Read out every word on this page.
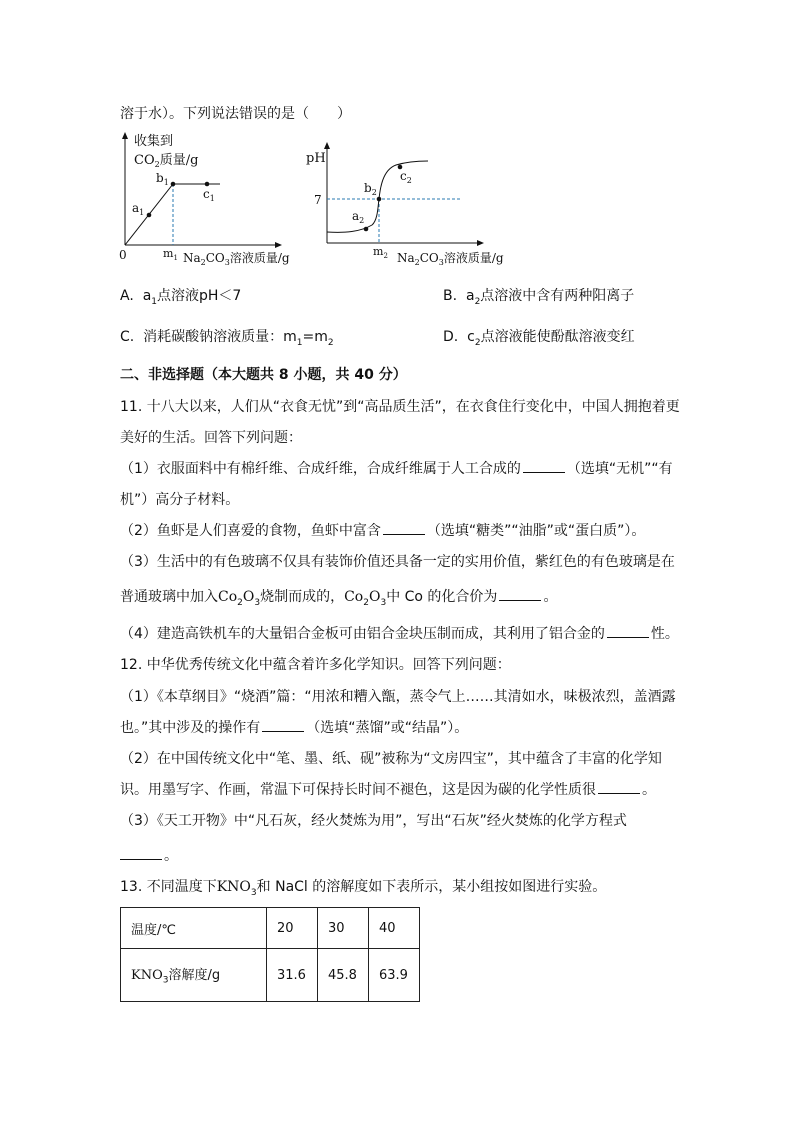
溶于水）。下列说法错误的是（　　）
收集到
$CO_2$质量/g
$a_1$
$b_1$
$c_1$
0	$m_1$ $Na_2CO_3$溶液质量/g
pH
7
$a_2$
$b_2$
$c_2$
$m_2$ $Na_2CO_3$溶液质量/g
A. $a_1$点溶液pH＜7	B. $a_2$点溶液中含有两种阳离子
C. 消耗碳酸钠溶液质量：$m_1=m_2$	D. $c_2$点溶液能使酚酞溶液变红
二、非选择题（本大题共 8 小题，共 40 分）
11. 十八大以来，人们从“衣食无忧”到“高品质生活”，在衣食住行变化中，中国人拥抱着更
美好的生活。回答下列问题：
（1）衣服面料中有棉纤维、合成纤维，合成纤维属于人工合成的	（选填“无机”“有
机”）高分子材料。
（2）鱼虾是人们喜爱的食物，鱼虾中富含	（选填“糖类”“油脂”或“蛋白质”）。
（3）生活中的有色玻璃不仅具有装饰价值还具备一定的实用价值，紫红色的有色玻璃是在
普通玻璃中加入$Co_2O_3$烧制而成的，$Co_2O_3$中 Co 的化合价为	。
（4）建造高铁机车的大量铝合金板可由铝合金块压制而成，其利用了铝合金的	性。
12. 中华优秀传统文化中蕴含着许多化学知识。回答下列问题：
（1）《本草纲目》“烧酒”篇：“用浓和糟入甑，蒸令气上……其清如水，味极浓烈，盖酒露
也。”其中涉及的操作有	（选填“蒸馏”或“结晶”）。
（2）在中国传统文化中“笔、墨、纸、砚”被称为“文房四宝”，其中蕴含了丰富的化学知
识。用墨写字、作画，常温下可保持长时间不褪色，这是因为碳的化学性质很	。
（3）《天工开物》中“凡石灰，经火焚炼为用”，写出“石灰”经火焚炼的化学方程式
。
13. 不同温度下$KNO_3$和 NaCl 的溶解度如下表所示，某小组按如图进行实验。
温度/℃	20	30	40
$KNO_3$溶解度/g	31.6	45.8	63.9
